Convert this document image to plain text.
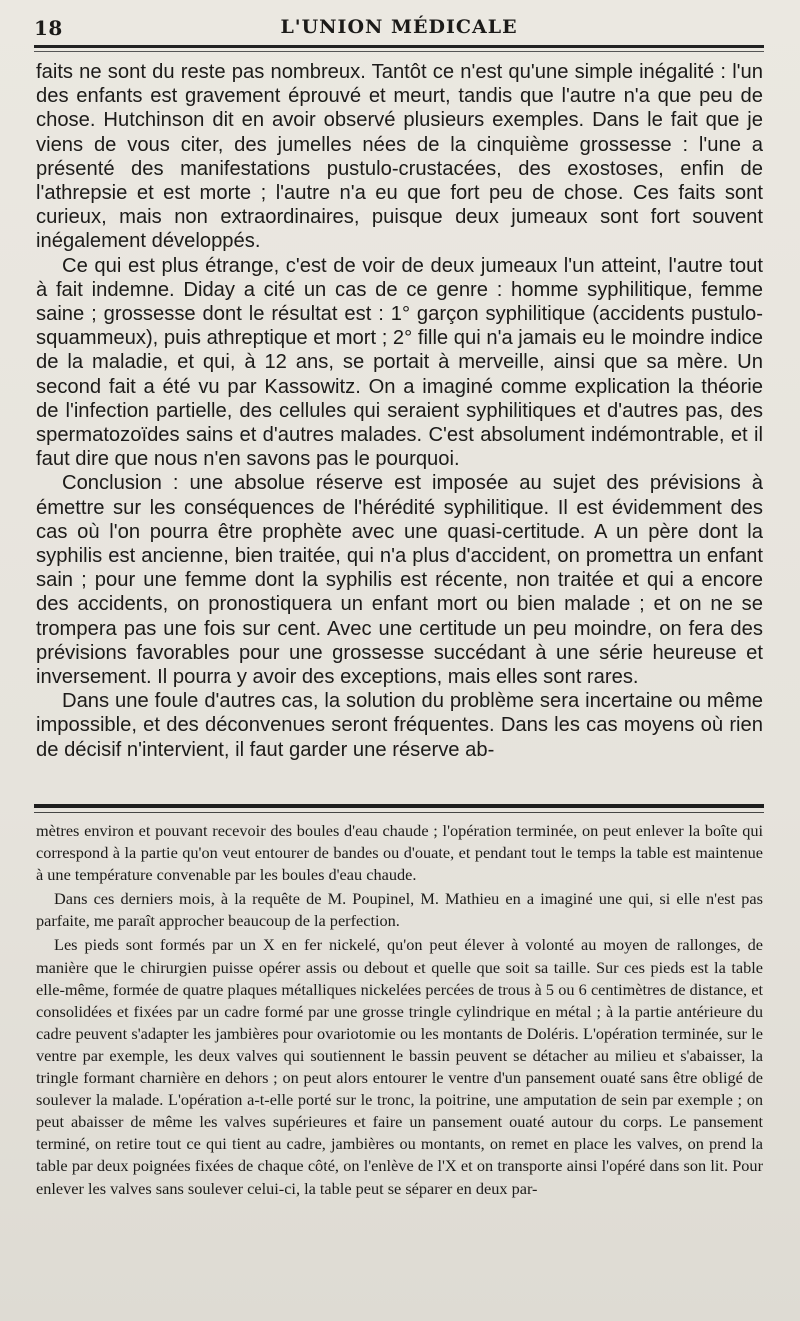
18	L'UNION MÉDICALE

faits ne sont du reste pas nombreux. Tantôt ce n'est qu'une simple inégalité : l'un des enfants est gravement éprouvé et meurt, tandis que l'autre n'a que peu de chose. Hutchinson dit en avoir observé plusieurs exemples. Dans le fait que je viens de vous citer, des jumelles nées de la cinquième grossesse : l'une a présenté des manifestations pustulo-crustacées, des exostoses, enfin de l'athrepsie et est morte ; l'autre n'a eu que fort peu de chose. Ces faits sont curieux, mais non extraordinaires, puisque deux jumeaux sont fort souvent inégalement développés.

Ce qui est plus étrange, c'est de voir de deux jumeaux l'un atteint, l'autre tout à fait indemne. Diday a cité un cas de ce genre : homme syphilitique, femme saine ; grossesse dont le résultat est : 1° garçon syphilitique (accidents pustulo-squammeux), puis athreptique et mort ; 2° fille qui n'a jamais eu le moindre indice de la maladie, et qui, à 12 ans, se portait à merveille, ainsi que sa mère. Un second fait a été vu par Kassowitz. On a imaginé comme explication la théorie de l'infection partielle, des cellules qui seraient syphilitiques et d'autres pas, des spermatozoïdes sains et d'autres malades. C'est absolument indémontrable, et il faut dire que nous n'en savons pas le pourquoi.

Conclusion : une absolue réserve est imposée au sujet des prévisions à émettre sur les conséquences de l'hérédité syphilitique. Il est évidemment des cas où l'on pourra être prophète avec une quasi-certitude. A un père dont la syphilis est ancienne, bien traitée, qui n'a plus d'accident, on promettra un enfant sain ; pour une femme dont la syphilis est récente, non traitée et qui a encore des accidents, on pronostiquera un enfant mort ou bien malade ; et on ne se trompera pas une fois sur cent. Avec une certitude un peu moindre, on fera des prévisions favorables pour une grossesse succédant à une série heureuse et inversement. Il pourra y avoir des exceptions, mais elles sont rares.

Dans une foule d'autres cas, la solution du problème sera incertaine ou même impossible, et des déconvenues seront fréquentes. Dans les cas moyens où rien de décisif n'intervient, il faut garder une réserve ab-

mètres environ et pouvant recevoir des boules d'eau chaude ; l'opération terminée, on peut enlever la boîte qui correspond à la partie qu'on veut entourer de bandes ou d'ouate, et pendant tout le temps la table est maintenue à une température convenable par les boules d'eau chaude.

Dans ces derniers mois, à la requête de M. Poupinel, M. Mathieu en a imaginé une qui, si elle n'est pas parfaite, me paraît approcher beaucoup de la perfection.

Les pieds sont formés par un X en fer nickelé, qu'on peut élever à volonté au moyen de rallonges, de manière que le chirurgien puisse opérer assis ou debout et quelle que soit sa taille. Sur ces pieds est la table elle-même, formée de quatre plaques métalliques nickelées percées de trous à 5 ou 6 centimètres de distance, et consolidées et fixées par un cadre formé par une grosse tringle cylindrique en métal ; à la partie antérieure du cadre peuvent s'adapter les jambières pour ovariotomie ou les montants de Doléris. L'opération terminée, sur le ventre par exemple, les deux valves qui soutiennent le bassin peuvent se détacher au milieu et s'abaisser, la tringle formant charnière en dehors ; on peut alors entourer le ventre d'un pansement ouaté sans être obligé de soulever la malade. L'opération a-t-elle porté sur le tronc, la poitrine, une amputation de sein par exemple ; on peut abaisser de même les valves supérieures et faire un pansement ouaté autour du corps. Le pansement terminé, on retire tout ce qui tient au cadre, jambières ou montants, on remet en place les valves, on prend la table par deux poignées fixées de chaque côté, on l'enlève de l'X et on transporte ainsi l'opéré dans son lit. Pour enlever les valves sans soulever celui-ci, la table peut se séparer en deux par-
